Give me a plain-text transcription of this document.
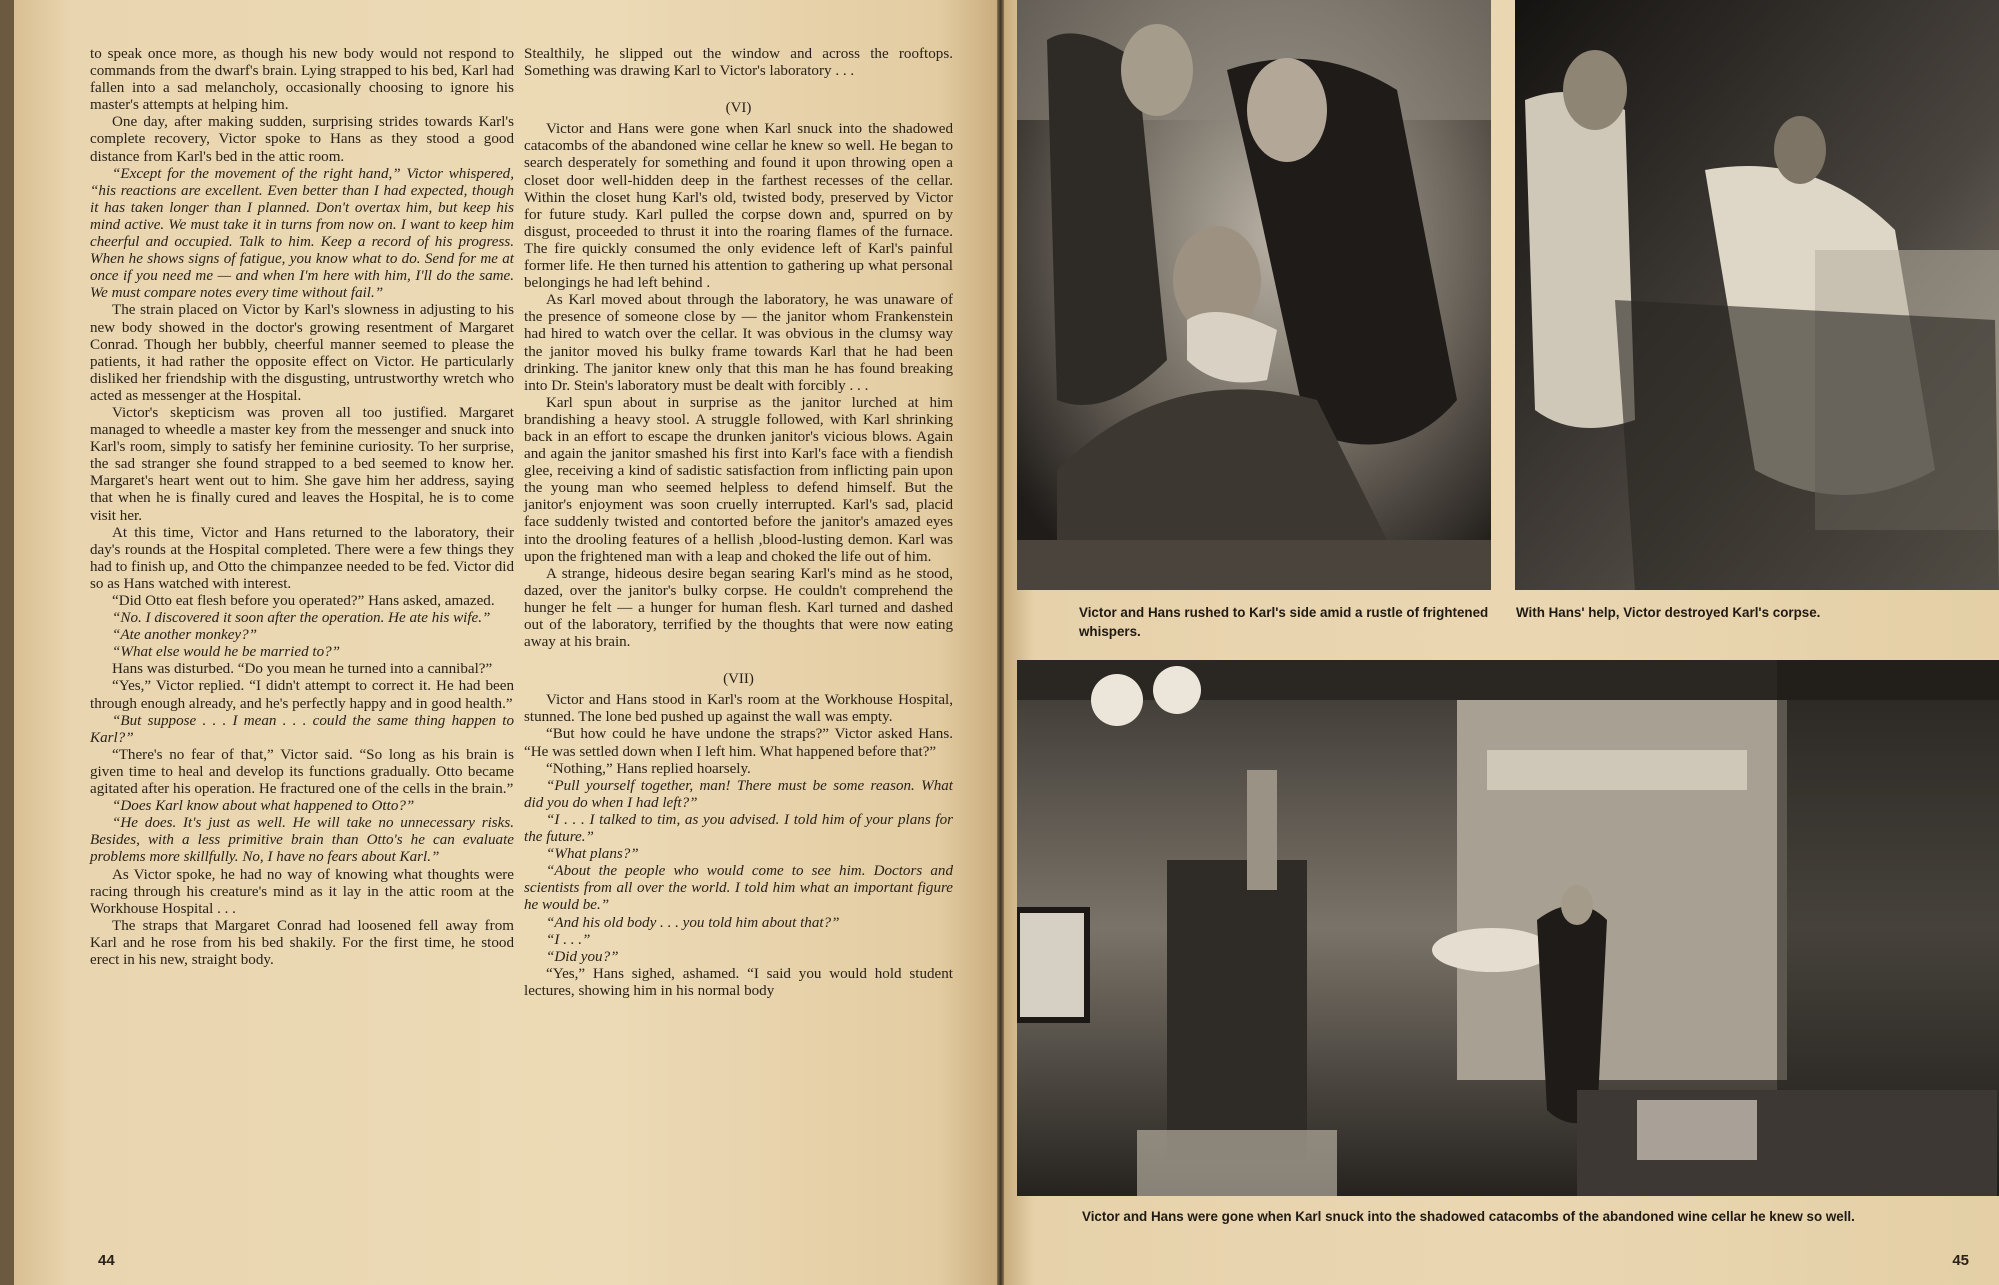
to speak once more, as though his new body would not respond to commands from the dwarf's brain. Lying strapped to his bed, Karl had fallen into a sad melancholy, occasionally choosing to ignore his master's attempts at helping him.

One day, after making sudden, surprising strides towards Karl's complete recovery, Victor spoke to Hans as they stood a good distance from Karl's bed in the attic room.

“Except for the movement of the right hand,” Victor whispered, “his reactions are excellent. Even better than I had expected, though it has taken longer than I planned. Don't overtax him, but keep his mind active. We must take it in turns from now on. I want to keep him cheerful and occupied. Talk to him. Keep a record of his progress. When he shows signs of fatigue, you know what to do. Send for me at once if you need me — and when I'm here with him, I'll do the same. We must compare notes every time without fail.”

The strain placed on Victor by Karl's slowness in adjusting to his new body showed in the doctor's growing resentment of Margaret Conrad. Though her bubbly, cheerful manner seemed to please the patients, it had rather the opposite effect on Victor. He particularly disliked her friendship with the disgusting, untrustworthy wretch who acted as messenger at the Hospital.

Victor's skepticism was proven all too justified. Margaret managed to wheedle a master key from the messenger and snuck into Karl's room, simply to satisfy her feminine curiosity. To her surprise, the sad stranger she found strapped to a bed seemed to know her. Margaret's heart went out to him. She gave him her address, saying that when he is finally cured and leaves the Hospital, he is to come visit her.

At this time, Victor and Hans returned to the laboratory, their day's rounds at the Hospital completed. There were a few things they had to finish up, and Otto the chimpanzee needed to be fed. Victor did so as Hans watched with interest.

“Did Otto eat flesh before you operated?” Hans asked, amazed.

“No. I discovered it soon after the operation. He ate his wife.”

“Ate another monkey?”

“What else would he be married to?”

Hans was disturbed. “Do you mean he turned into a cannibal?”

“Yes,” Victor replied. “I didn't attempt to correct it. He had been through enough already, and he's perfectly happy and in good health.”

“But suppose . . . I mean . . . could the same thing happen to Karl?”

“There's no fear of that,” Victor said. “So long as his brain is given time to heal and develop its functions gradually. Otto became agitated after his operation. He fractured one of the cells in the brain.”

“Does Karl know about what happened to Otto?”

“He does. It's just as well. He will take no unnecessary risks. Besides, with a less primitive brain than Otto's he can evaluate problems more skillfully. No, I have no fears about Karl.”

As Victor spoke, he had no way of knowing what thoughts were racing through his creature's mind as it lay in the attic room at the Workhouse Hospital . . .

The straps that Margaret Conrad had loosened fell away from Karl and he rose from his bed shakily. For the first time, he stood erect in his new, straight body.

Stealthily, he slipped out the window and across the rooftops. Something was drawing Karl to Victor's laboratory . . .

(VI)

Victor and Hans were gone when Karl snuck into the shadowed catacombs of the abandoned wine cellar he knew so well. He began to search desperately for something and found it upon throwing open a closet door well-hidden deep in the farthest recesses of the cellar. Within the closet hung Karl's old, twisted body, preserved by Victor for future study. Karl pulled the corpse down and, spurred on by disgust, proceeded to thrust it into the roaring flames of the furnace. The fire quickly consumed the only evidence left of Karl's painful former life. He then turned his attention to gathering up what personal belongings he had left behind .

As Karl moved about through the laboratory, he was unaware of the presence of someone close by — the janitor whom Frankenstein had hired to watch over the cellar. It was obvious in the clumsy way the janitor moved his bulky frame towards Karl that he had been drinking. The janitor knew only that this man he has found breaking into Dr. Stein's laboratory must be dealt with forcibly . . .

Karl spun about in surprise as the janitor lurched at him brandishing a heavy stool. A struggle followed, with Karl shrinking back in an effort to escape the drunken janitor's vicious blows. Again and again the janitor smashed his first into Karl's face with a fiendish glee, receiving a kind of sadistic satisfaction from inflicting pain upon the young man who seemed helpless to defend himself. But the janitor's enjoyment was soon cruelly interrupted. Karl's sad, placid face suddenly twisted and contorted before the janitor's amazed eyes into the drooling features of a hellish ,blood-lusting demon. Karl was upon the frightened man with a leap and choked the life out of him.

A strange, hideous desire began searing Karl's mind as he stood, dazed, over the janitor's bulky corpse. He couldn't comprehend the hunger he felt — a hunger for human flesh. Karl turned and dashed out of the laboratory, terrified by the thoughts that were now eating away at his brain.

(VII)

Victor and Hans stood in Karl's room at the Workhouse Hospital, stunned. The lone bed pushed up against the wall was empty.

“But how could he have undone the straps?” Victor asked Hans. “He was settled down when I left him. What happened before that?”

“Nothing,” Hans replied hoarsely.

“Pull yourself together, man! There must be some reason. What did you do when I had left?”

“I . . . I talked to tim, as you advised. I told him of your plans for the future.”

“What plans?”

“About the people who would come to see him. Doctors and scientists from all over the world. I told him what an important figure he would be.”

“And his old body . . . you told him about that?”

“I . . .”

“Did you?”

“Yes,” Hans sighed, ashamed. “I said you would hold student lectures, showing him in his normal body

44
Victor and Hans rushed to Karl's side amid a rustle of frightened whispers.
With Hans' help, Victor destroyed Karl's corpse.
Victor and Hans were gone when Karl snuck into the shadowed catacombs of the abandoned wine cellar he knew so well.
45
